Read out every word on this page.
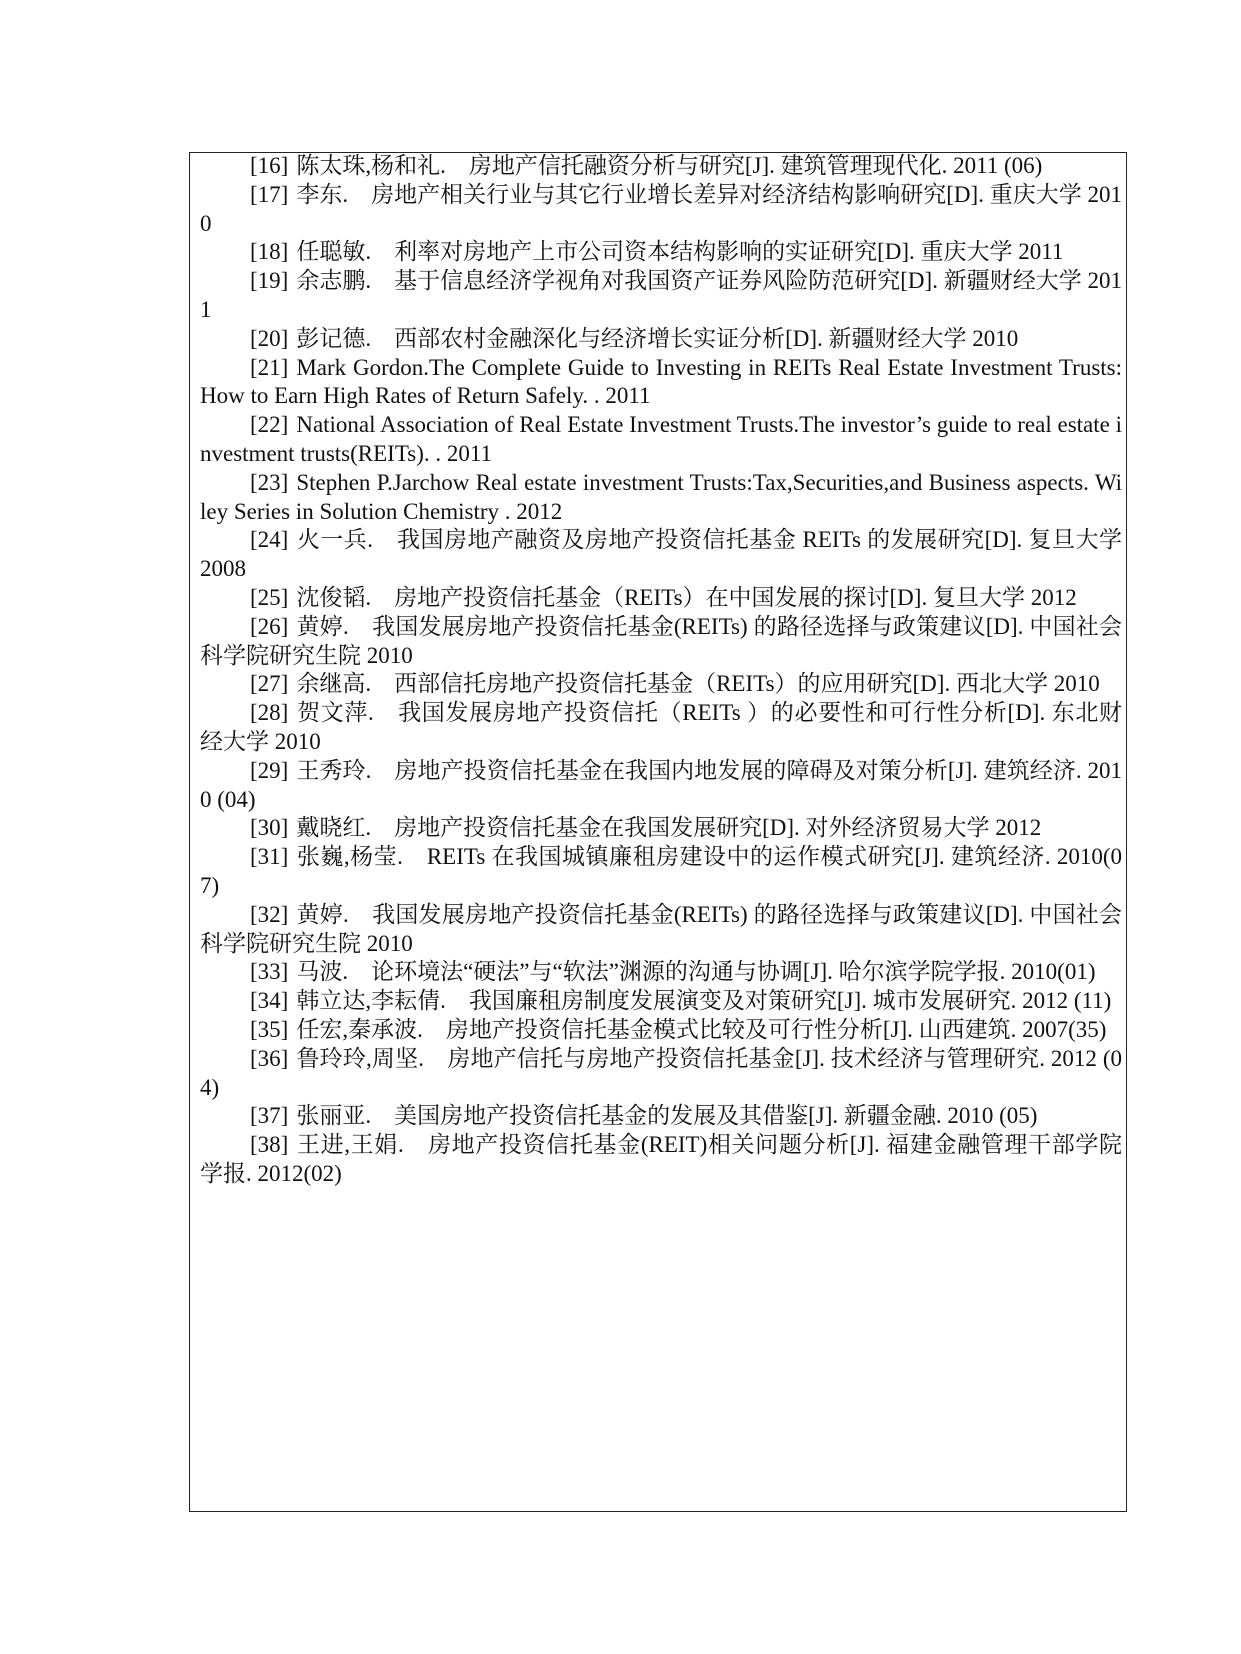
[16] 陈太珠,杨和礼.　房地产信托融资分析与研究[J]. 建筑管理现代化. 2011 (06)
[17] 李东.　房地产相关行业与其它行业增长差异对经济结构影响研究[D]. 重庆大学 2010
[18] 任聪敏.　利率对房地产上市公司资本结构影响的实证研究[D]. 重庆大学 2011
[19] 余志鹏.　基于信息经济学视角对我国资产证券风险防范研究[D]. 新疆财经大学 2011
[20] 彭记德.　西部农村金融深化与经济增长实证分析[D]. 新疆财经大学 2010
[21] Mark Gordon.The Complete Guide to Investing in REITs Real Estate Investment Trusts: How to Earn High Rates of Return Safely. . 2011
[22] National Association of Real Estate Investment Trusts.The investor’s guide to real estate investment trusts(REITs). . 2011
[23] Stephen P.Jarchow Real estate investment Trusts:Tax,Securities,and Business aspects. Wiley Series in Solution Chemistry . 2012
[24] 火一兵.　我国房地产融资及房地产投资信托基金 REITs 的发展研究[D]. 复旦大学 2008
[25] 沈俊韬.　房地产投资信托基金（REITs）在中国发展的探讨[D]. 复旦大学 2012
[26] 黄婷.　我国发展房地产投资信托基金(REITs) 的路径选择与政策建议[D]. 中国社会科学院研究生院 2010
[27] 余继高.　西部信托房地产投资信托基金（REITs）的应用研究[D]. 西北大学 2010
[28] 贺文萍.　我国发展房地产投资信托（REITs ）的必要性和可行性分析[D]. 东北财经大学 2010
[29] 王秀玲.　房地产投资信托基金在我国内地发展的障碍及对策分析[J]. 建筑经济. 2010 (04)
[30] 戴晓红.　房地产投资信托基金在我国发展研究[D]. 对外经济贸易大学 2012
[31] 张巍,杨莹.　REITs 在我国城镇廉租房建设中的运作模式研究[J]. 建筑经济. 2010(07)
[32] 黄婷.　我国发展房地产投资信托基金(REITs) 的路径选择与政策建议[D]. 中国社会科学院研究生院 2010
[33] 马波.　论环境法“硬法”与“软法”渊源的沟通与协调[J]. 哈尔滨学院学报. 2010(01)
[34] 韩立达,李耘倩.　我国廉租房制度发展演变及对策研究[J]. 城市发展研究. 2012 (11)
[35] 任宏,秦承波.　房地产投资信托基金模式比较及可行性分析[J]. 山西建筑. 2007(35)
[36] 鲁玲玲,周坚.　房地产信托与房地产投资信托基金[J]. 技术经济与管理研究. 2012 (04)
[37] 张丽亚.　美国房地产投资信托基金的发展及其借鉴[J]. 新疆金融. 2010 (05)
[38] 王进,王娟.　房地产投资信托基金(REIT)相关问题分析[J]. 福建金融管理干部学院学报. 2012(02)
